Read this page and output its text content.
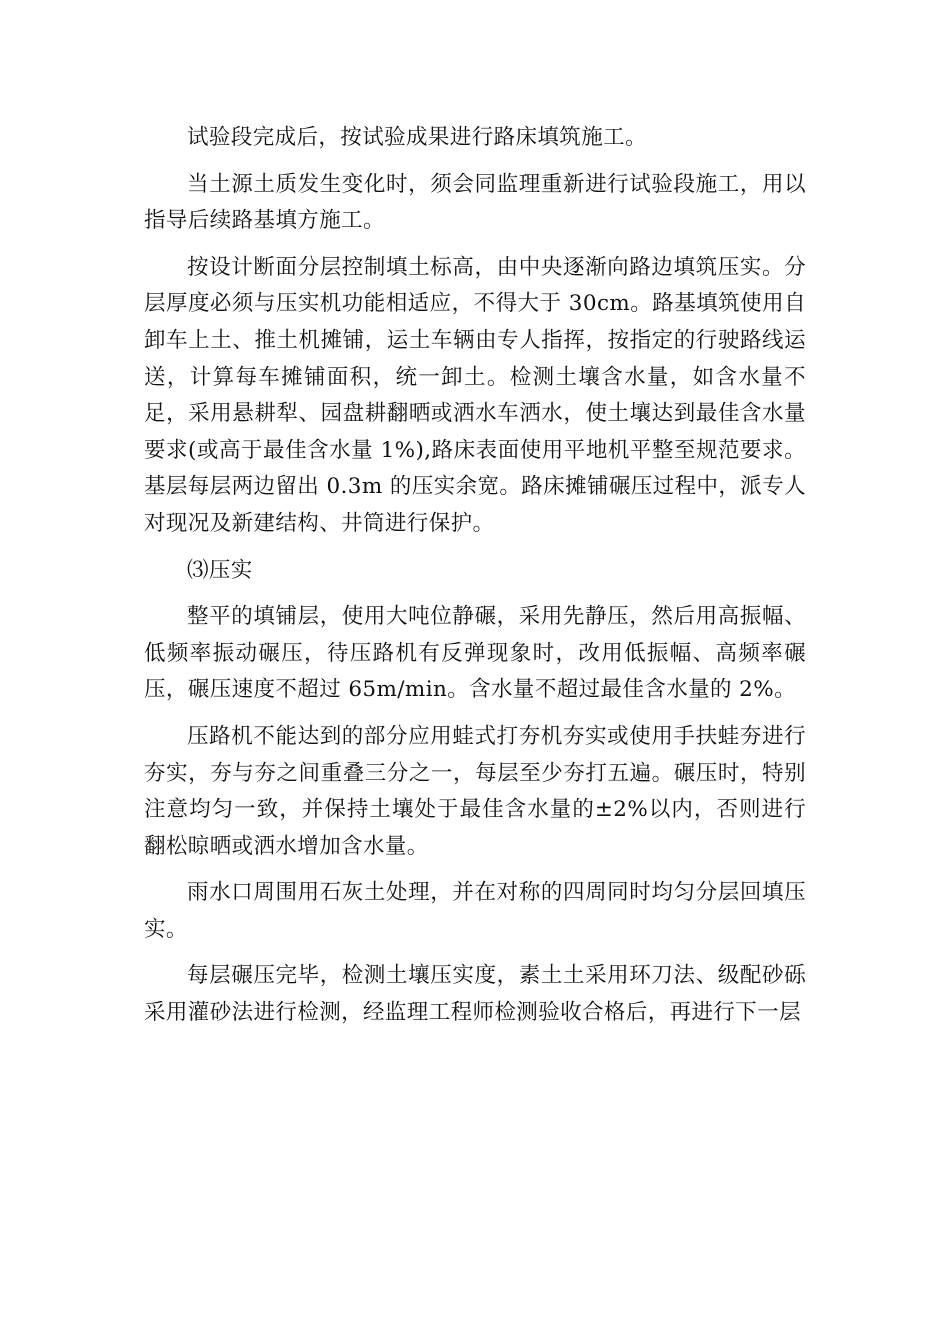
试验段完成后，按试验成果进行路床填筑施工。

当土源土质发生变化时，须会同监理重新进行试验段施工，用以指导后续路基填方施工。

按设计断面分层控制填土标高，由中央逐渐向路边填筑压实。分层厚度必须与压实机功能相适应，不得大于 30cm。路基填筑使用自卸车上土、推土机摊铺，运土车辆由专人指挥，按指定的行驶路线运送，计算每车摊铺面积，统一卸土。检测土壤含水量，如含水量不足，采用悬耕犁、园盘耕翻晒或洒水车洒水，使土壤达到最佳含水量要求(或高于最佳含水量 1%),路床表面使用平地机平整至规范要求。基层每层两边留出 0.3m 的压实余宽。路床摊铺碾压过程中，派专人对现况及新建结构、井筒进行保护。

⑶压实

整平的填铺层，使用大吨位静碾，采用先静压，然后用高振幅、低频率振动碾压，待压路机有反弹现象时，改用低振幅、高频率碾压，碾压速度不超过 65m/min。含水量不超过最佳含水量的 2%。

压路机不能达到的部分应用蛙式打夯机夯实或使用手扶蛙夯进行夯实，夯与夯之间重叠三分之一，每层至少夯打五遍。碾压时，特别注意均匀一致，并保持土壤处于最佳含水量的±2%以内，否则进行翻松晾晒或洒水增加含水量。

雨水口周围用石灰土处理，并在对称的四周同时均匀分层回填压实。

每层碾压完毕，检测土壤压实度，素土土采用环刀法、级配砂砾采用灌砂法进行检测，经监理工程师检测验收合格后，再进行下一层
